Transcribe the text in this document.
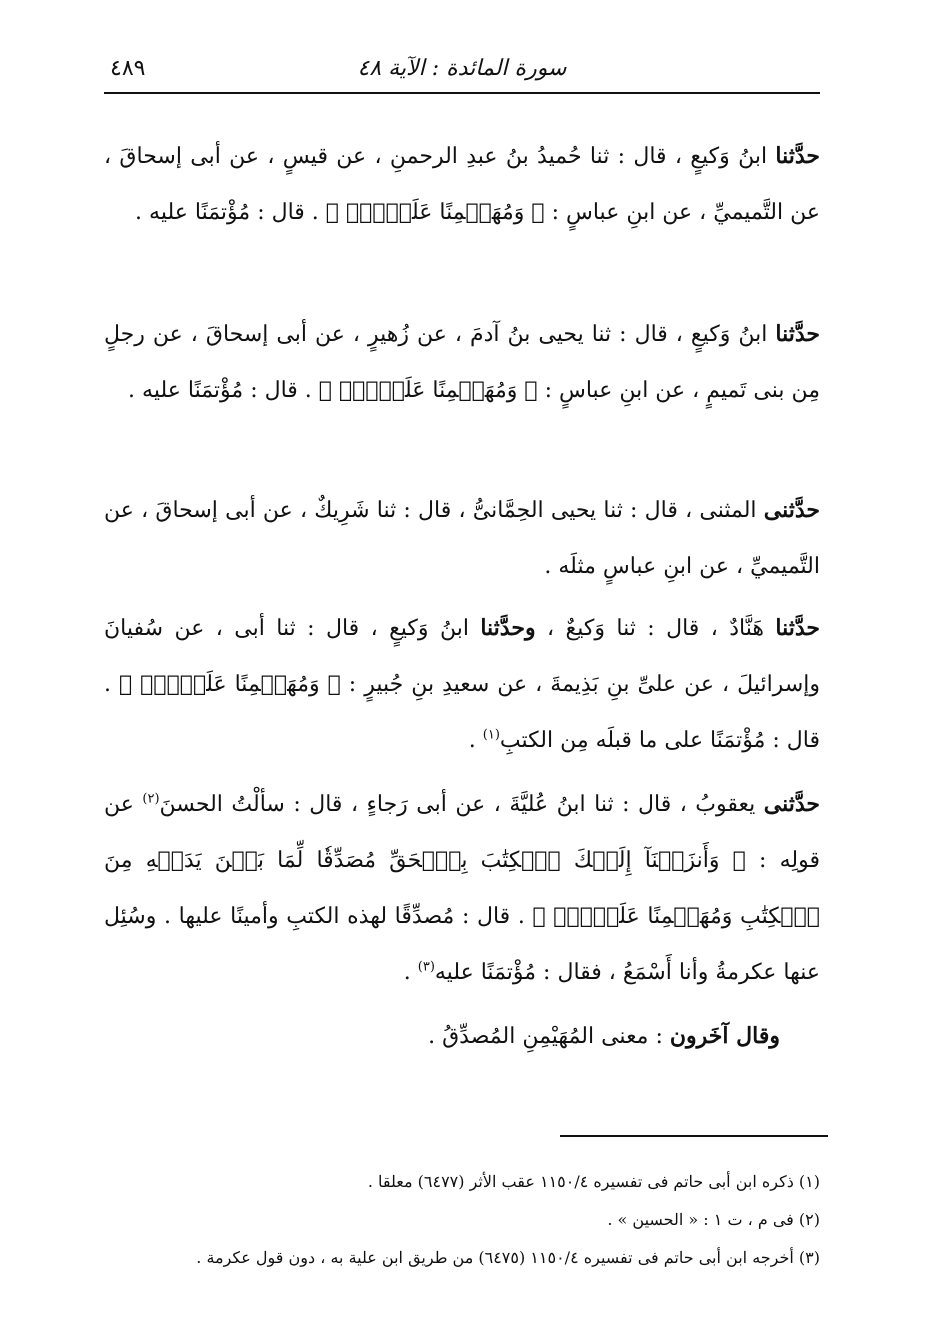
سورة المائدة : الآية ٤٨
٤٨٩

حدَّثنا ابنُ وَكيعٍ ، قال : ثنا حُميدُ بنُ عبدِ الرحمنِ ، عن قيسٍ ، عن أبى إسحاقَ ، عن التَّميميِّ ، عن ابنِ عباسٍ : ﴿ وَمُهَيۡمِنًا عَلَيۡهِۖ ﴾ . قال : مُؤْتمَنًا عليه .

حدَّثنا ابنُ وَكيعٍ ، قال : ثنا يحيى بنُ آدمَ ، عن زُهيرٍ ، عن أبى إسحاقَ ، عن رجلٍ مِن بنى تَميمٍ ، عن ابنِ عباسٍ : ﴿ وَمُهَيۡمِنًا عَلَيۡهِۖ ﴾ . قال : مُؤْتمَنًا عليه .

حدَّثنى المثنى ، قال : ثنا يحيى الحِمَّانىُّ ، قال : ثنا شَرِيكٌ ، عن أبى إسحاقَ ، عن التَّميميِّ ، عن ابنِ عباسٍ مثلَه .

حدَّثنا هَنَّادٌ ، قال : ثنا وَكيعٌ ، وحدَّثنا ابنُ وَكيعٍ ، قال : ثنا أبى ، عن سُفيانَ وإسرائيلَ ، عن علىِّ بنِ بَذِيمةَ ، عن سعيدِ بنِ جُبيرٍ : ﴿ وَمُهَيۡمِنًا عَلَيۡهِۖ ﴾ . قال : مُؤْتمَنًا على ما قبلَه مِن الكتبِ$^{(١)}$ .

حدَّثنى يعقوبُ ، قال : ثنا ابنُ عُليَّةَ ، عن أبى رَجاءٍ ، قال : سألْتُ الحسنَ$^{(٢)}$ عن قولِه : ﴿ وَأَنزَلۡنَآ إِلَيۡكَ ٱلۡكِتَٰبَ بِٱلۡحَقِّ مُصَدِّقٗا لِّمَا بَيۡنَ يَدَيۡهِ مِنَ ٱلۡكِتَٰبِ وَمُهَيۡمِنًا عَلَيۡهِۖ ﴾ . قال : مُصدِّقًا لهذه الكتبِ وأمينًا عليها . وسُئِل عنها عكرمةُ وأنا أَسْمَعُ ، فقال : مُؤْتمَنًا عليه$^{(٣)}$ .

وقال آخَرون : معنى المُهَيْمِنِ المُصدِّقُ .

(١) ذكره ابن أبى حاتم فى تفسيره ١١٥٠/٤ عقب الأثر (٦٤٧٧) معلقا .

(٢) فى م ، ت ١ : « الحسين » .

(٣) أخرجه ابن أبى حاتم فى تفسيره ١١٥٠/٤ (٦٤٧٥) من طريق ابن علية به ، دون قول عكرمة .
